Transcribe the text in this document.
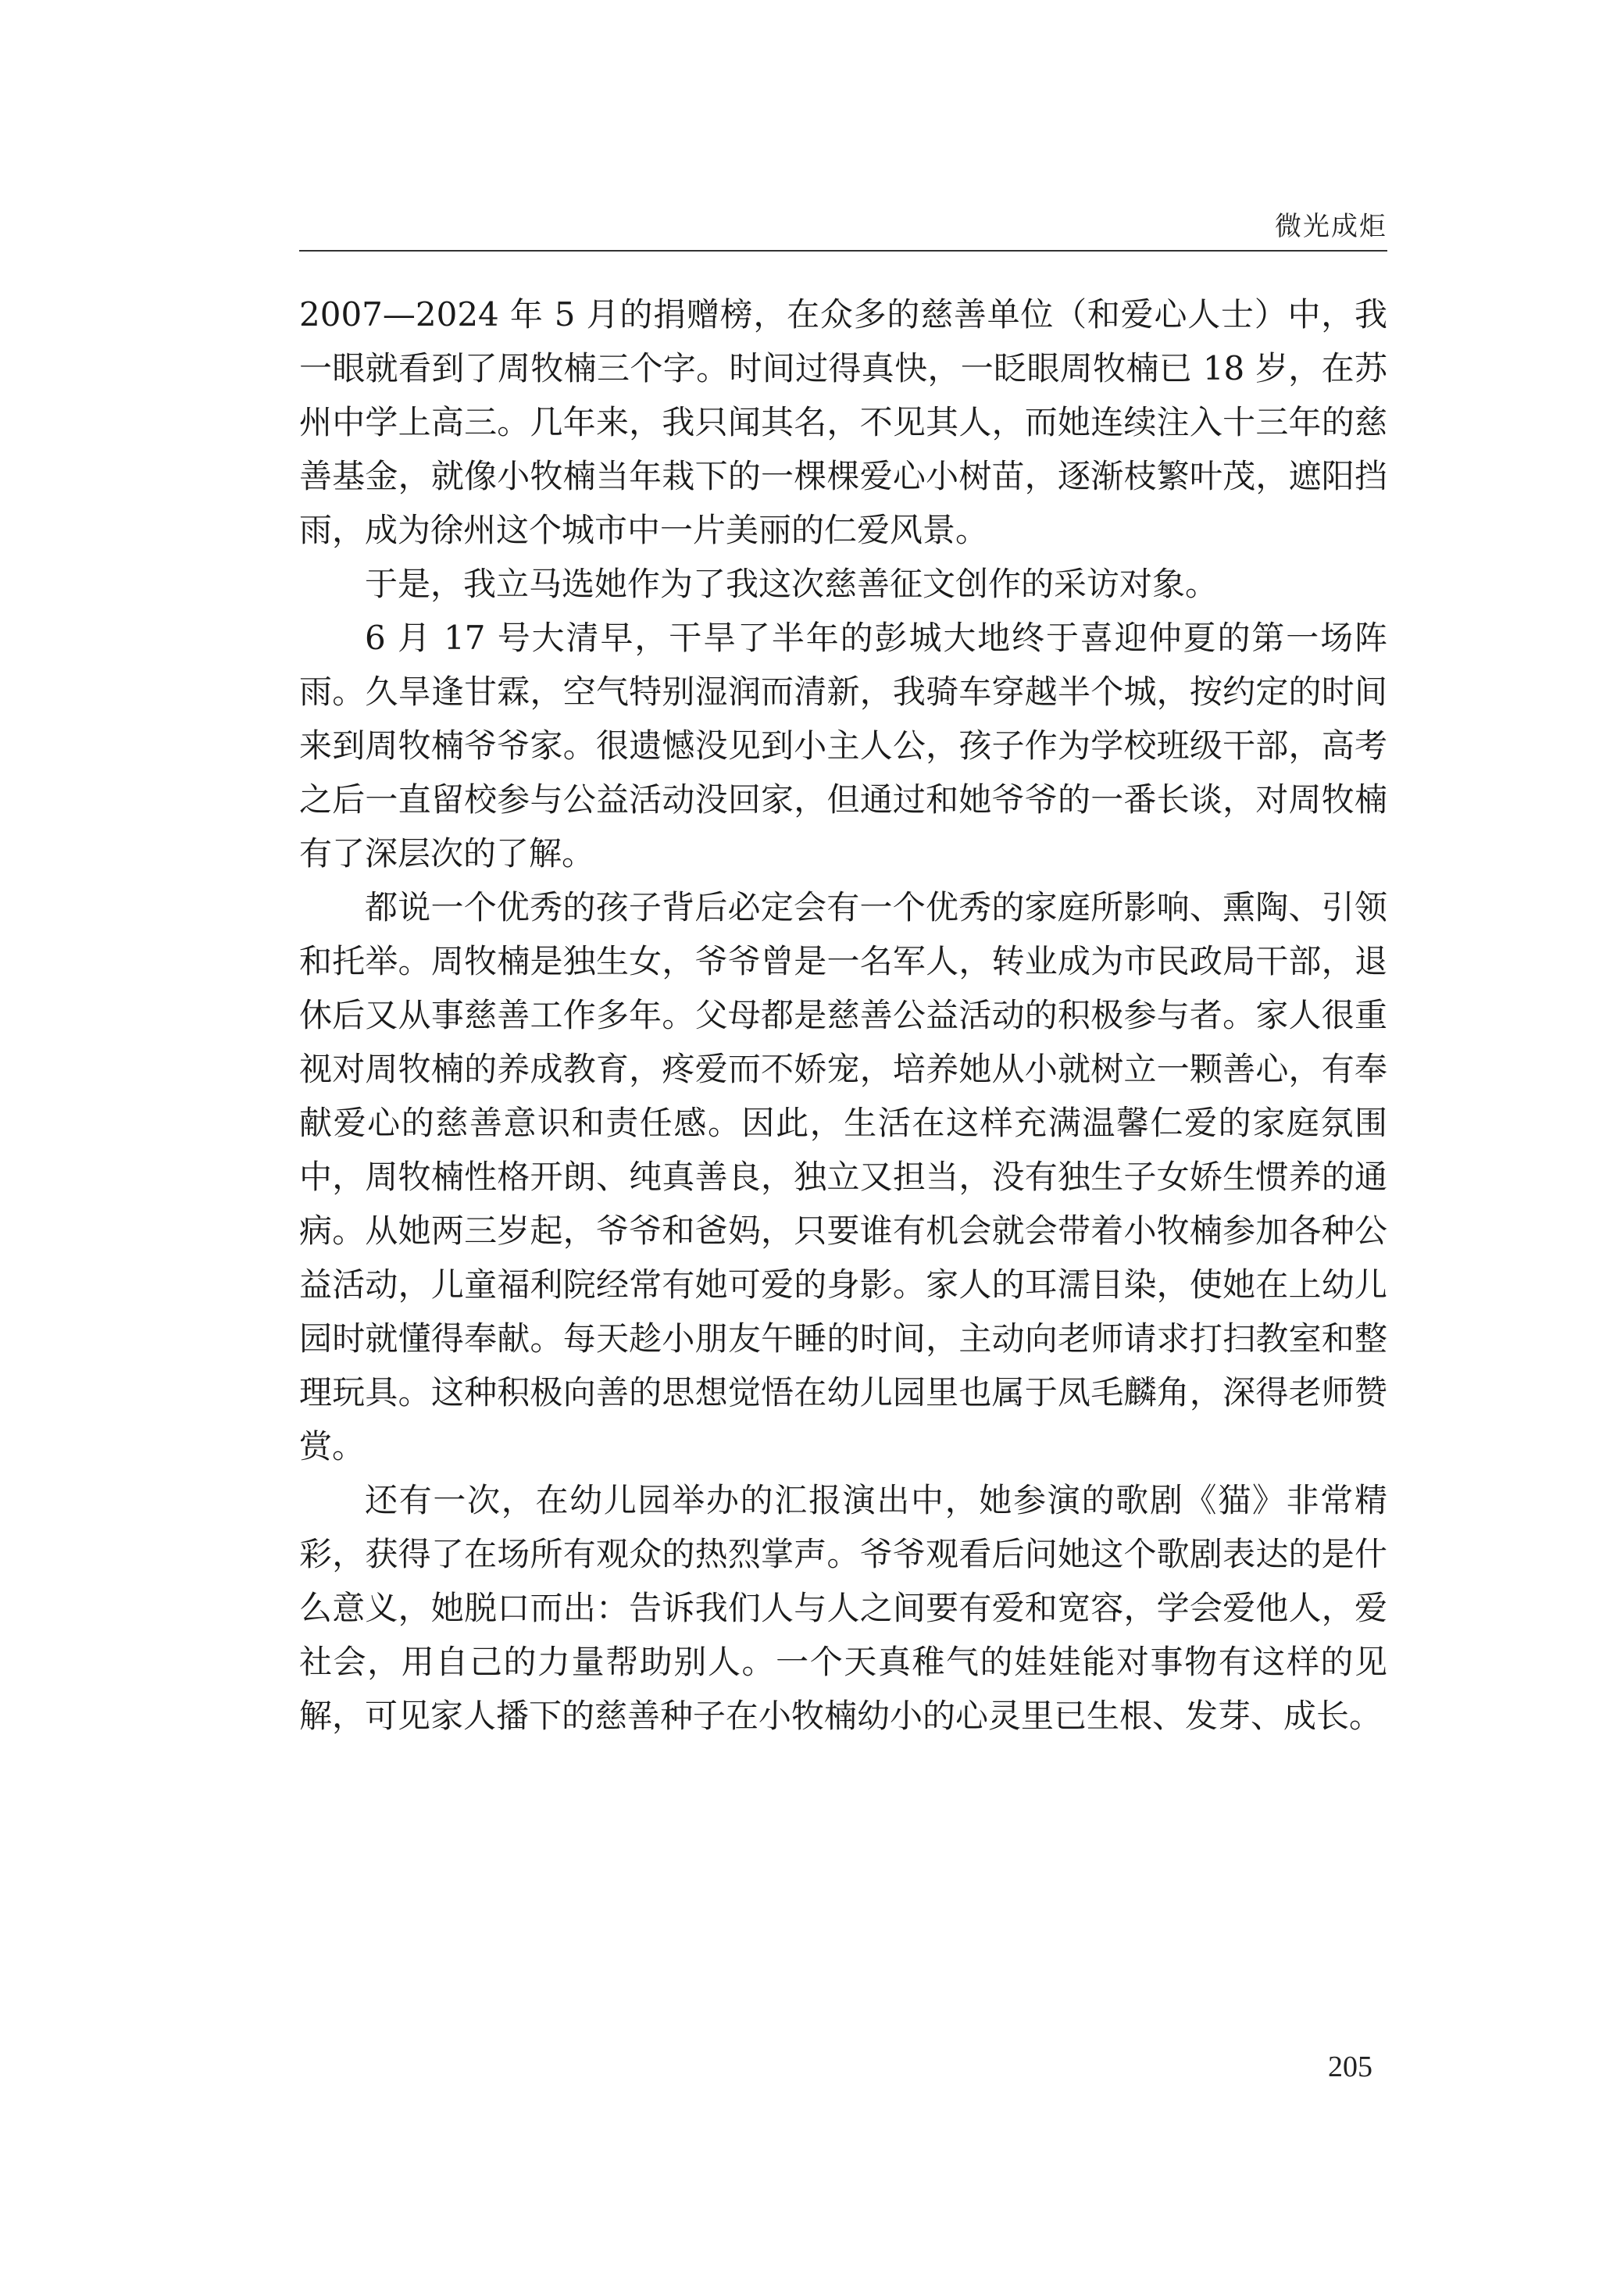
微光成炬

2007—2024 年 5 月的捐赠榜，在众多的慈善单位（和爱心人士）中，我一眼就看到了周牧楠三个字。时间过得真快，一眨眼周牧楠已 18 岁，在苏州中学上高三。几年来，我只闻其名，不见其人，而她连续注入十三年的慈善基金，就像小牧楠当年栽下的一棵棵爱心小树苗，逐渐枝繁叶茂，遮阳挡雨，成为徐州这个城市中一片美丽的仁爱风景。

于是，我立马选她作为了我这次慈善征文创作的采访对象。

6 月 17 号大清早，干旱了半年的彭城大地终于喜迎仲夏的第一场阵雨。久旱逢甘霖，空气特别湿润而清新，我骑车穿越半个城，按约定的时间来到周牧楠爷爷家。很遗憾没见到小主人公，孩子作为学校班级干部，高考之后一直留校参与公益活动没回家，但通过和她爷爷的一番长谈，对周牧楠有了深层次的了解。

都说一个优秀的孩子背后必定会有一个优秀的家庭所影响、熏陶、引领和托举。周牧楠是独生女，爷爷曾是一名军人，转业成为市民政局干部，退休后又从事慈善工作多年。父母都是慈善公益活动的积极参与者。家人很重视对周牧楠的养成教育，疼爱而不娇宠，培养她从小就树立一颗善心，有奉献爱心的慈善意识和责任感。因此，生活在这样充满温馨仁爱的家庭氛围中，周牧楠性格开朗、纯真善良，独立又担当，没有独生子女娇生惯养的通病。从她两三岁起，爷爷和爸妈，只要谁有机会就会带着小牧楠参加各种公益活动，儿童福利院经常有她可爱的身影。家人的耳濡目染，使她在上幼儿园时就懂得奉献。每天趁小朋友午睡的时间，主动向老师请求打扫教室和整理玩具。这种积极向善的思想觉悟在幼儿园里也属于凤毛麟角，深得老师赞赏。

还有一次，在幼儿园举办的汇报演出中，她参演的歌剧《猫》非常精彩，获得了在场所有观众的热烈掌声。爷爷观看后问她这个歌剧表达的是什么意义，她脱口而出：告诉我们人与人之间要有爱和宽容，学会爱他人，爱社会，用自己的力量帮助别人。一个天真稚气的娃娃能对事物有这样的见解，可见家人播下的慈善种子在小牧楠幼小的心灵里已生根、发芽、成长。

205
